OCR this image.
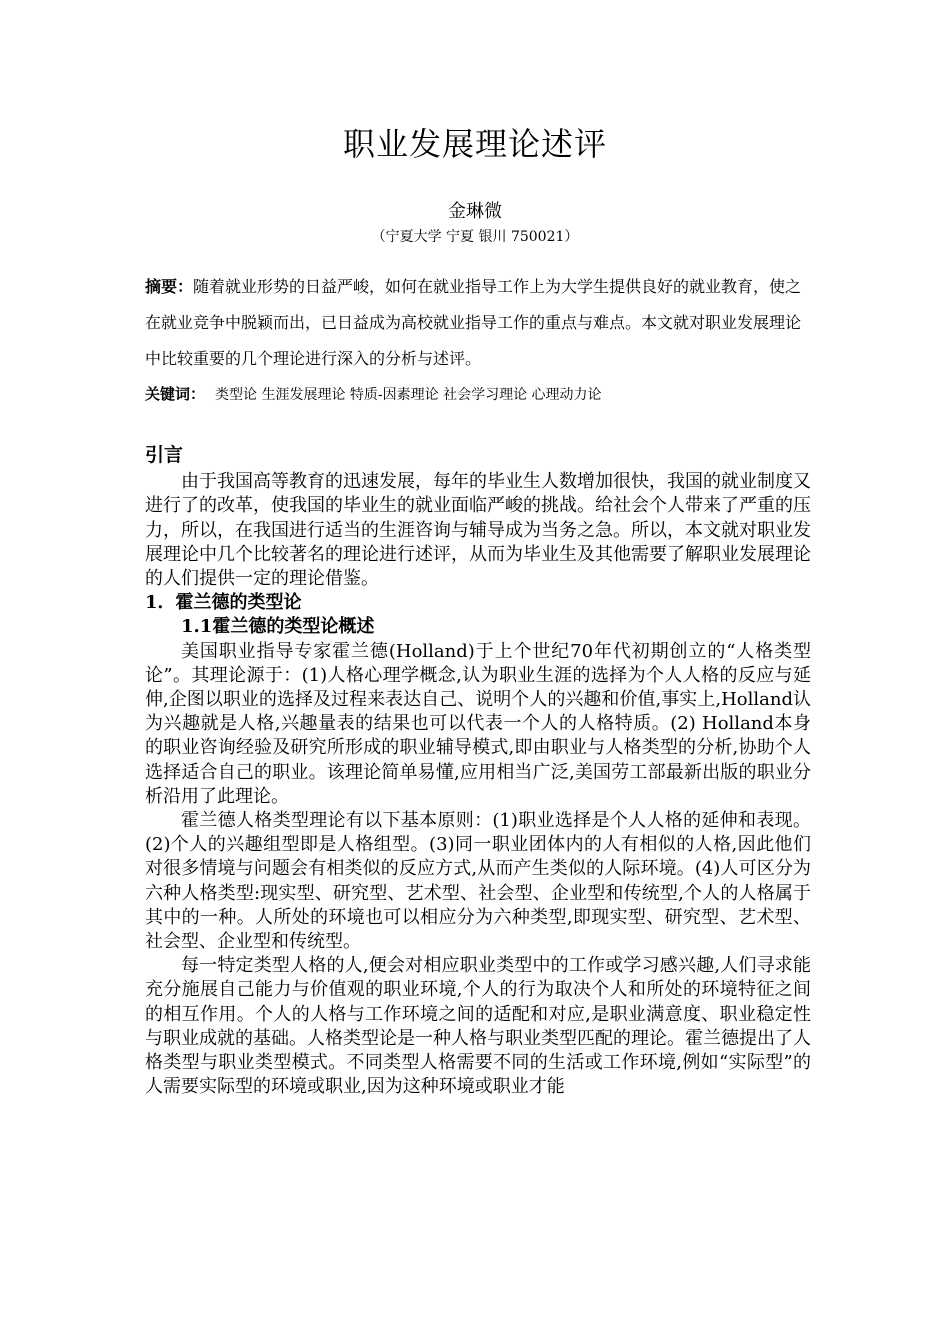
职业发展理论述评
金琳微
（宁夏大学 宁夏 银川 750021）
摘要：随着就业形势的日益严峻，如何在就业指导工作上为大学生提供良好的就业教育，使之在就业竞争中脱颖而出，已日益成为高校就业指导工作的重点与难点。本文就对职业发展理论中比较重要的几个理论进行深入的分析与述评。
关键词： 类型论 生涯发展理论 特质-因素理论 社会学习理论 心理动力论
引言

由于我国高等教育的迅速发展，每年的毕业生人数增加很快，我国的就业制度又进行了的改革，使我国的毕业生的就业面临严峻的挑战。给社会个人带来了严重的压力，所以，在我国进行适当的生涯咨询与辅导成为当务之急。所以，本文就对职业发展理论中几个比较著名的理论进行述评，从而为毕业生及其他需要了解职业发展理论的人们提供一定的理论借鉴。

1．霍兰德的类型论
1.1霍兰德的类型论概述

美国职业指导专家霍兰德(Holland)于上个世纪70年代初期创立的“人格类型论”。其理论源于：(1)人格心理学概念,认为职业生涯的选择为个人人格的反应与延伸,企图以职业的选择及过程来表达自己、说明个人的兴趣和价值,事实上,Holland认为兴趣就是人格,兴趣量表的结果也可以代表一个人的人格特质。(2) Holland本身的职业咨询经验及研究所形成的职业辅导模式,即由职业与人格类型的分析,协助个人选择适合自己的职业。该理论简单易懂,应用相当广泛,美国劳工部最新出版的职业分析沿用了此理论。

霍兰德人格类型理论有以下基本原则：(1)职业选择是个人人格的延伸和表现。(2)个人的兴趣组型即是人格组型。(3)同一职业团体内的人有相似的人格,因此他们对很多情境与问题会有相类似的反应方式,从而产生类似的人际环境。(4)人可区分为六种人格类型:现实型、研究型、艺术型、社会型、企业型和传统型,个人的人格属于其中的一种。人所处的环境也可以相应分为六种类型,即现实型、研究型、艺术型、社会型、企业型和传统型。

每一特定类型人格的人,便会对相应职业类型中的工作或学习感兴趣,人们寻求能充分施展自己能力与价值观的职业环境,个人的行为取决个人和所处的环境特征之间的相互作用。个人的人格与工作环境之间的适配和对应,是职业满意度、职业稳定性与职业成就的基础。人格类型论是一种人格与职业类型匹配的理论。霍兰德提出了人格类型与职业类型模式。不同类型人格需要不同的生活或工作环境,例如“实际型”的人需要实际型的环境或职业,因为这种环境或职业才能
